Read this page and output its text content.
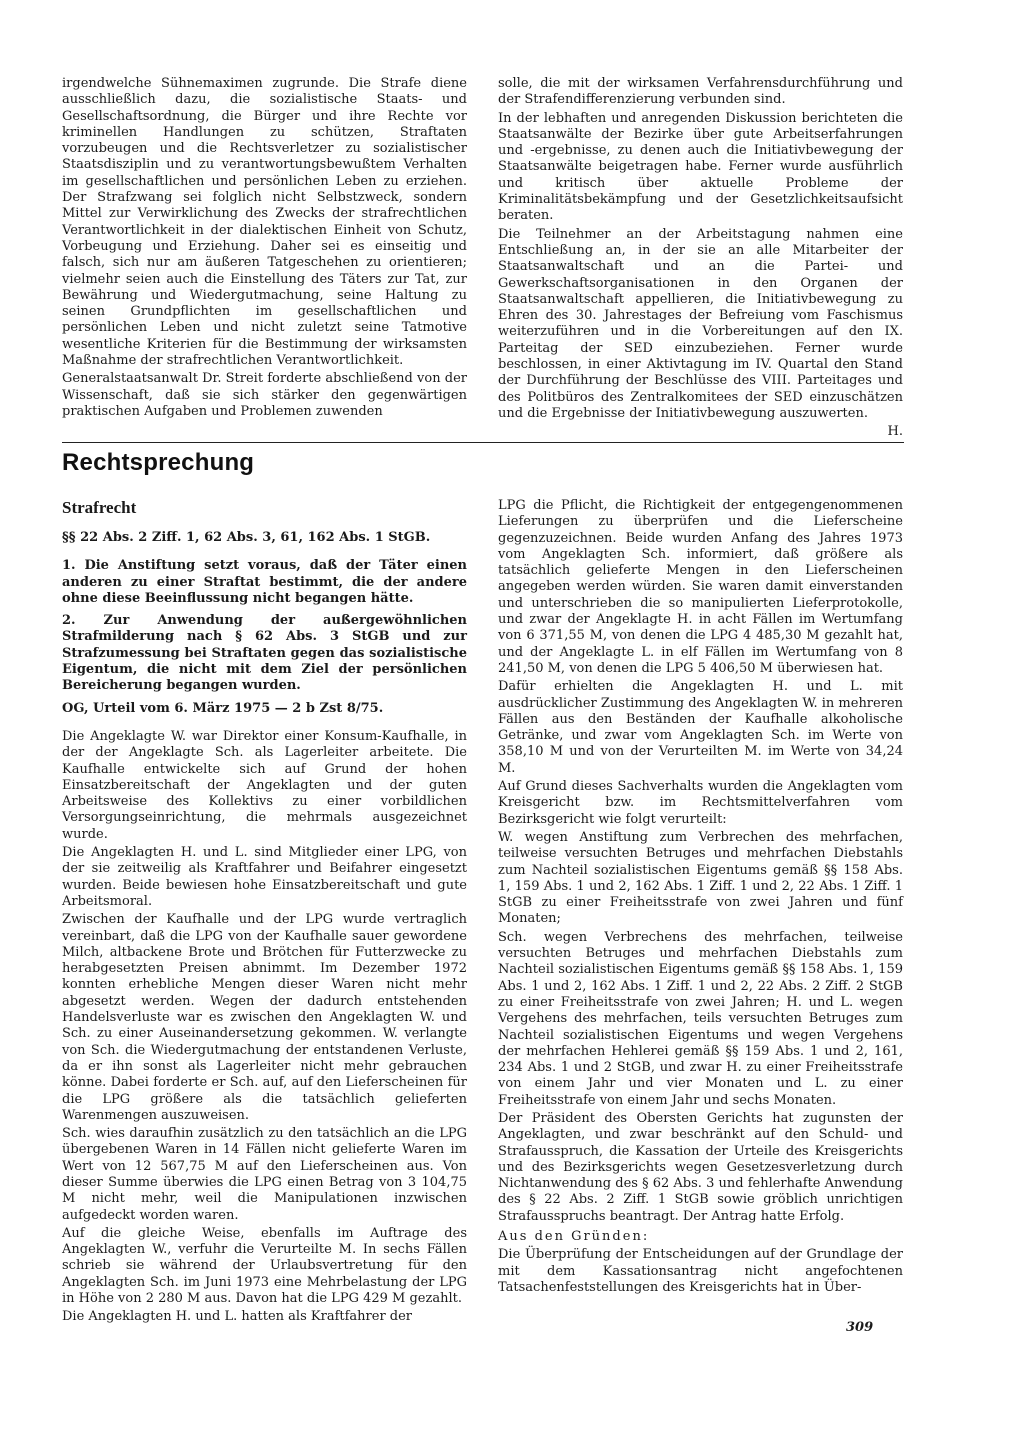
irgendwelche Sühnemaximen zugrunde. Die Strafe diene ausschließlich dazu, die sozialistische Staats- und Gesellschaftsordnung, die Bürger und ihre Rechte vor kriminellen Handlungen zu schützen, Straftaten vorzubeugen und die Rechtsverletzer zu sozialistischer Staatsdisziplin und zu verantwortungsbewußtem Verhalten im gesellschaftlichen und persönlichen Leben zu erziehen. Der Strafzwang sei folglich nicht Selbstzweck, sondern Mittel zur Verwirklichung des Zwecks der strafrechtlichen Verantwortlichkeit in der dialektischen Einheit von Schutz, Vorbeugung und Erziehung. Daher sei es einseitig und falsch, sich nur am äußeren Tatgeschehen zu orientieren; vielmehr seien auch die Einstellung des Täters zur Tat, zur Bewährung und Wiedergutmachung, seine Haltung zu seinen Grundpflichten im gesellschaftlichen und persönlichen Leben und nicht zuletzt seine Tatmotive wesentliche Kriterien für die Bestimmung der wirksamsten Maßnahme der strafrechtlichen Verantwortlichkeit.

Generalstaatsanwalt Dr. Streit forderte abschließend von der Wissenschaft, daß sie sich stärker den gegenwärtigen praktischen Aufgaben und Problemen zuwenden

solle, die mit der wirksamen Verfahrensdurchführung und der Strafendifferenzierung verbunden sind.

In der lebhaften und anregenden Diskussion berichteten die Staatsanwälte der Bezirke über gute Arbeitserfahrungen und -ergebnisse, zu denen auch die Initiativbewegung der Staatsanwälte beigetragen habe. Ferner wurde ausführlich und kritisch über aktuelle Probleme der Kriminalitätsbekämpfung und der Gesetzlichkeitsaufsicht beraten.

Die Teilnehmer an der Arbeitstagung nahmen eine Entschließung an, in der sie an alle Mitarbeiter der Staatsanwaltschaft und an die Partei- und Gewerkschaftsorganisationen in den Organen der Staatsanwaltschaft appellieren, die Initiativbewegung zu Ehren des 30. Jahrestages der Befreiung vom Faschismus weiterzuführen und in die Vorbereitungen auf den IX. Parteitag der SED einzubeziehen. Ferner wurde beschlossen, in einer Aktivtagung im IV. Quartal den Stand der Durchführung der Beschlüsse des VIII. Parteitages und des Politbüros des Zentralkomitees der SED einzuschätzen und die Ergebnisse der Initiativbewegung auszuwerten.

H.

Rechtsprechung
Strafrecht

§§ 22 Abs. 2 Ziff. 1, 62 Abs. 3, 61, 162 Abs. 1 StGB.

1. Die Anstiftung setzt voraus, daß der Täter einen anderen zu einer Straftat bestimmt, die der andere ohne diese Beeinflussung nicht begangen hätte.

2. Zur Anwendung der außergewöhnlichen Strafmilderung nach § 62 Abs. 3 StGB und zur Strafzumessung bei Straftaten gegen das sozialistische Eigentum, die nicht mit dem Ziel der persönlichen Bereicherung begangen wurden.

OG, Urteil vom 6. März 1975 — 2 b Zst 8/75.

Die Angeklagte W. war Direktor einer Konsum-Kaufhalle, in der der Angeklagte Sch. als Lagerleiter arbeitete. Die Kaufhalle entwickelte sich auf Grund der hohen Einsatzbereitschaft der Angeklagten und der guten Arbeitsweise des Kollektivs zu einer vorbildlichen Versorgungseinrichtung, die mehrmals ausgezeichnet wurde.

Die Angeklagten H. und L. sind Mitglieder einer LPG, von der sie zeitweilig als Kraftfahrer und Beifahrer eingesetzt wurden. Beide bewiesen hohe Einsatzbereitschaft und gute Arbeitsmoral.

Zwischen der Kaufhalle und der LPG wurde vertraglich vereinbart, daß die LPG von der Kaufhalle sauer gewordene Milch, altbackene Brote und Brötchen für Futterzwecke zu herabgesetzten Preisen abnimmt. Im Dezember 1972 konnten erhebliche Mengen dieser Waren nicht mehr abgesetzt werden. Wegen der dadurch entstehenden Handelsverluste war es zwischen den Angeklagten W. und Sch. zu einer Auseinandersetzung gekommen. W. verlangte von Sch. die Wiedergutmachung der entstandenen Verluste, da er ihn sonst als Lagerleiter nicht mehr gebrauchen könne. Dabei forderte er Sch. auf, auf den Lieferscheinen für die LPG größere als die tatsächlich gelieferten Warenmengen auszuweisen.

Sch. wies daraufhin zusätzlich zu den tatsächlich an die LPG übergebenen Waren in 14 Fällen nicht gelieferte Waren im Wert von 12 567,75 M auf den Lieferscheinen aus. Von dieser Summe überwies die LPG einen Betrag von 3 104,75 M nicht mehr, weil die Manipulationen inzwischen aufgedeckt worden waren.

Auf die gleiche Weise, ebenfalls im Auftrage des Angeklagten W., verfuhr die Verurteilte M. In sechs Fällen schrieb sie während der Urlaubsvertretung für den Angeklagten Sch. im Juni 1973 eine Mehrbelastung der LPG in Höhe von 2 280 M aus. Davon hat die LPG 429 M gezahlt.

Die Angeklagten H. und L. hatten als Kraftfahrer der

LPG die Pflicht, die Richtigkeit der entgegengenommenen Lieferungen zu überprüfen und die Lieferscheine gegenzuzeichnen. Beide wurden Anfang des Jahres 1973 vom Angeklagten Sch. informiert, daß größere als tatsächlich gelieferte Mengen in den Lieferscheinen angegeben werden würden. Sie waren damit einverstanden und unterschrieben die so manipulierten Lieferprotokolle, und zwar der Angeklagte H. in acht Fällen im Wertumfang von 6 371,55 M, von denen die LPG 4 485,30 M gezahlt hat, und der Angeklagte L. in elf Fällen im Wertumfang von 8 241,50 M, von denen die LPG 5 406,50 M überwiesen hat.

Dafür erhielten die Angeklagten H. und L. mit ausdrücklicher Zustimmung des Angeklagten W. in mehreren Fällen aus den Beständen der Kaufhalle alkoholische Getränke, und zwar vom Angeklagten Sch. im Werte von 358,10 M und von der Verurteilten M. im Werte von 34,24 M.

Auf Grund dieses Sachverhalts wurden die Angeklagten vom Kreisgericht bzw. im Rechtsmittelverfahren vom Bezirksgericht wie folgt verurteilt:

W. wegen Anstiftung zum Verbrechen des mehrfachen, teilweise versuchten Betruges und mehrfachen Diebstahls zum Nachteil sozialistischen Eigentums gemäß §§ 158 Abs. 1, 159 Abs. 1 und 2, 162 Abs. 1 Ziff. 1 und 2, 22 Abs. 1 Ziff. 1 StGB zu einer Freiheitsstrafe von zwei Jahren und fünf Monaten;

Sch. wegen Verbrechens des mehrfachen, teilweise versuchten Betruges und mehrfachen Diebstahls zum Nachteil sozialistischen Eigentums gemäß §§ 158 Abs. 1, 159 Abs. 1 und 2, 162 Abs. 1 Ziff. 1 und 2, 22 Abs. 2 Ziff. 2 StGB zu einer Freiheitsstrafe von zwei Jahren; H. und L. wegen Vergehens des mehrfachen, teils versuchten Betruges zum Nachteil sozialistischen Eigentums und wegen Vergehens der mehrfachen Hehlerei gemäß §§ 159 Abs. 1 und 2, 161, 234 Abs. 1 und 2 StGB, und zwar H. zu einer Freiheitsstrafe von einem Jahr und vier Monaten und L. zu einer Freiheitsstrafe von einem Jahr und sechs Monaten.

Der Präsident des Obersten Gerichts hat zugunsten der Angeklagten, und zwar beschränkt auf den Schuld- und Strafausspruch, die Kassation der Urteile des Kreisgerichts und des Bezirksgerichts wegen Gesetzesverletzung durch Nichtanwendung des § 62 Abs. 3 und fehlerhafte Anwendung des § 22 Abs. 2 Ziff. 1 StGB sowie gröblich unrichtigen Strafausspruchs beantragt. Der Antrag hatte Erfolg.

Aus den Gründen:

Die Überprüfung der Entscheidungen auf der Grundlage der mit dem Kassationsantrag nicht angefochtenen Tatsachenfeststellungen des Kreisgerichts hat in Über-

309
